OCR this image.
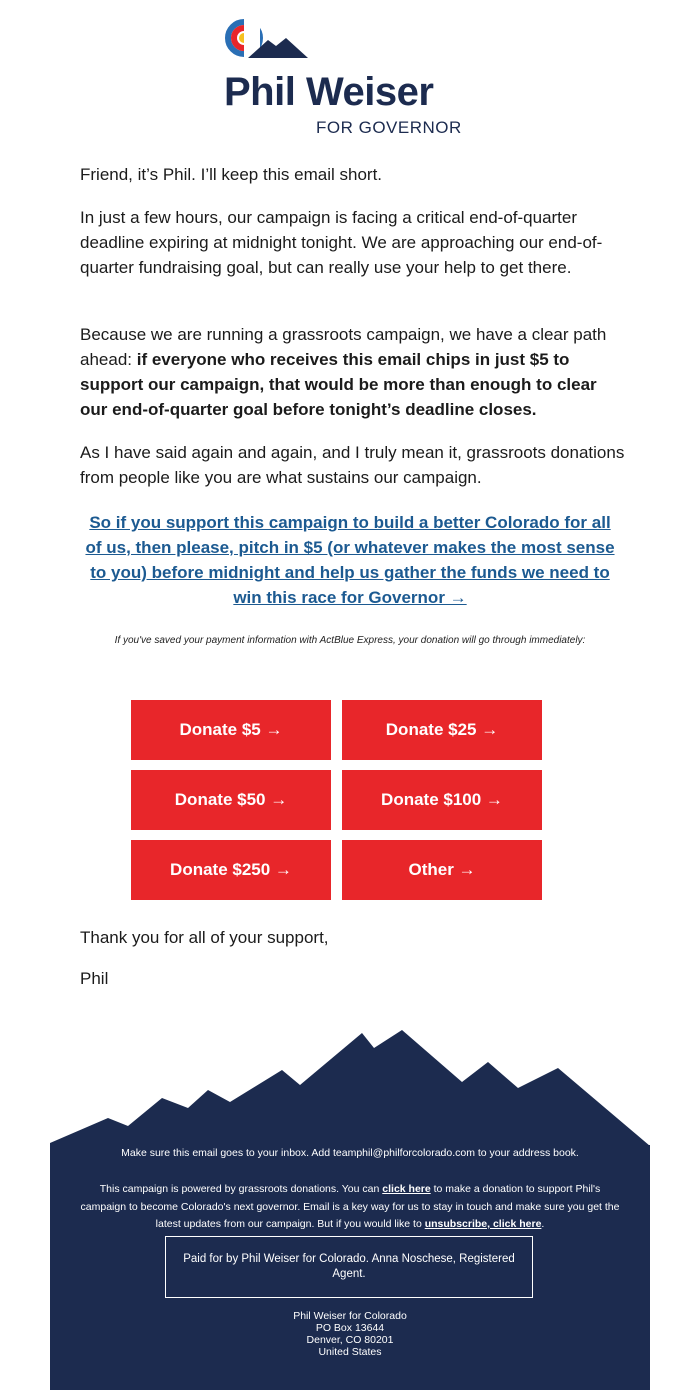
Phil Weiser
FOR GOVERNOR

Friend, it’s Phil. I’ll keep this email short.

In just a few hours, our campaign is facing a critical end-of-quarter deadline expiring at midnight tonight. We are approaching our end-of-quarter fundraising goal, but can really use your help to get there.

Because we are running a grassroots campaign, we have a clear path ahead: if everyone who receives this email chips in just $5 to support our campaign, that would be more than enough to clear our end-of-quarter goal before tonight’s deadline closes.

As I have said again and again, and I truly mean it, grassroots donations from people like you are what sustains our campaign.

So if you support this campaign to build a better Colorado for all of us, then please, pitch in $5 (or whatever makes the most sense to you) before midnight and help us gather the funds we need to win this race for Governor →
If you've saved your payment information with ActBlue Express, your donation will go through immediately:
Donate $5 →	Donate $25 →
Donate $50 →	Donate $100 →
Donate $250 →	Other →

Thank you for all of your support,

Phil

Make sure this email goes to your inbox. Add teamphil@philforcolorado.com to your address book.
This campaign is powered by grassroots donations. You can click here to make a donation to support Phil's campaign to become Colorado's next governor. Email is a key way for us to stay in touch and make sure you get the latest updates from our campaign. But if you would like to unsubscribe, click here.
Paid for by Phil Weiser for Colorado. Anna Noschese, Registered Agent.
Phil Weiser for Colorado
PO Box 13644
Denver, CO 80201
United States
